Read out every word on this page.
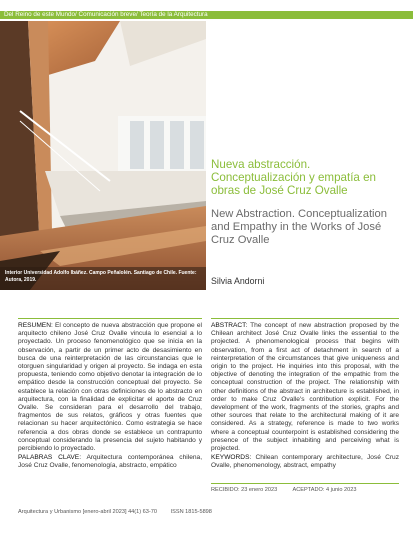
Del Reino de este Mundo/ Comunicación breve/ Teoría de la Arquitectura
Interior Universidad Adolfo Ibáñez. Campo Peñalolén. Santiago de Chile. Fuente: Autora, 2019.
Nueva abstracción. Conceptualización y empatía en obras de José Cruz Ovalle
New Abstraction. Conceptualization and Empathy in the Works of José Cruz Ovalle
Silvia Andorni
RESUMEN: El concepto de nueva abstracción que propone el arquitecto chileno José Cruz Ovalle vincula lo esencial a lo proyectado. Un proceso fenomenológico que se inicia en la observación, a partir de un primer acto de desasimiento en busca de una reinterpretación de las circunstancias que le otorguen singularidad y origen al proyecto. Se indaga en esta propuesta, teniendo como objetivo denotar la integración de lo empático desde la construcción conceptual del proyecto. Se establece la relación con otras definiciones de lo abstracto en arquitectura, con la finalidad de explicitar el aporte de Cruz Ovalle. Se consideran para el desarrollo del trabajo, fragmentos de sus relatos, gráficos y otras fuentes que relacionan su hacer arquitectónico. Como estrategia se hace referencia a dos obras donde se establece un contrapunto conceptual considerando la presencia del sujeto habitando y percibiendo lo proyectado.
PALABRAS CLAVE: Arquitectura contemporánea chilena, José Cruz Ovalle, fenomenología, abstracto, empático
ABSTRACT: The concept of new abstraction proposed by the Chilean architect José Cruz Ovalle links the essential to the projected. A phenomenological process that begins with observation, from a first act of detachment in search of a reinterpretation of the circumstances that give uniqueness and origin to the project. He inquiries into this proposal, with the objective of denoting the integration of the empathic from the conceptual construction of the project. The relationship with other definitions of the abstract in architecture is established, in order to make Cruz Ovalle's contribution explicit. For the development of the work, fragments of the stories, graphs and other sources that relate to the architectural making of it are considered. As a strategy, reference is made to two works where a conceptual counterpoint is established considering the presence of the subject inhabiting and perceiving what is projected.
KEYWORDS: Chilean contemporary architecture, José Cruz Ovalle, phenomenology, abstract, empathy
RECIBIDO: 23 enero 2023	ACEPTADO: 4 junio 2023
Arquitectura y Urbanismo [enero-abril 2023] 44(1) 63-70 ISSN 1815-5898
